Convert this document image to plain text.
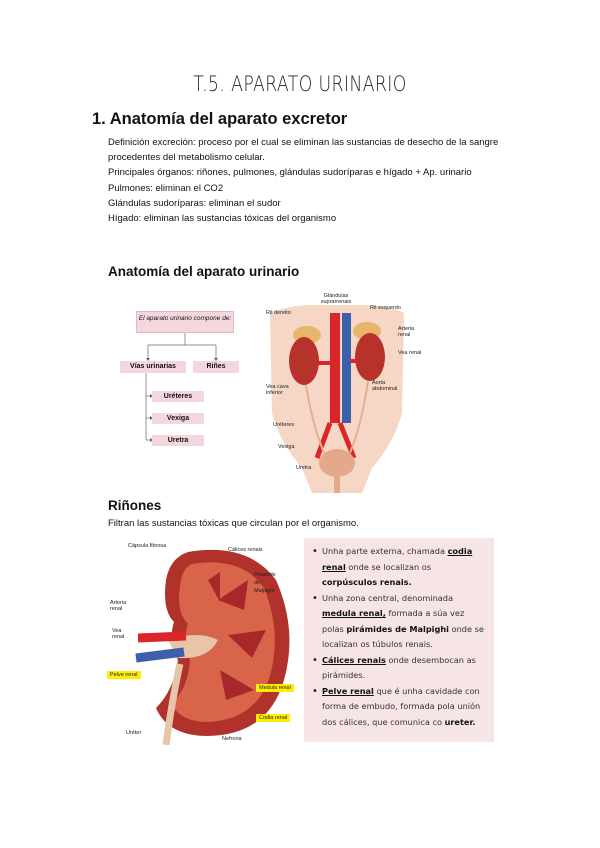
T.5. APARATO URINARIO
1. Anatomía del aparato excretor
Definición excreción: proceso por el cual se eliminan las sustancias de desecho de la sangre procedentes del metabolismo celular.
Principales órganos: riñones, pulmones, glándulas sudoríparas e hígado + Ap. urinario
Pulmones: eliminan el CO2
Glándulas sudoríparas: eliminan el sudor
Hígado: eliminan las sustancias tóxicas del organismo
Anatomía del aparato urinario
El aparato urinario compone de:
Vías urinarias	Riñes
Uréteres
Vexiga
Uretra
Glándulas suprarrenais
Ril dereito
Ril esquerdo
Arteria renal
Vea renal
Vea cava inferior
Aorta abdominal
Uréteres
Vexiga
Uretra
Riñones
Filtran las sustancias tóxicas que circulan por el organismo.
Cápsula fibrosa
Cálices renais
Pirámide
de
Malpighi
Arteria renal
Vea renal
Pelve renal
Medula renal
Codia renal
Uréter
Nefrona
• Unha parte externa, chamada codia renal onde se localizan os corpúsculos renais.
• Unha zona central, denominada medula renal, formada a súa vez polas pirámides de Malpighi onde se localizan os túbulos renais.
• Cálices renais onde desembocan as pirámides.
• Pelve renal que é unha cavidade con forma de embudo, formada pola unión dos cálices, que comunica co ureter.
